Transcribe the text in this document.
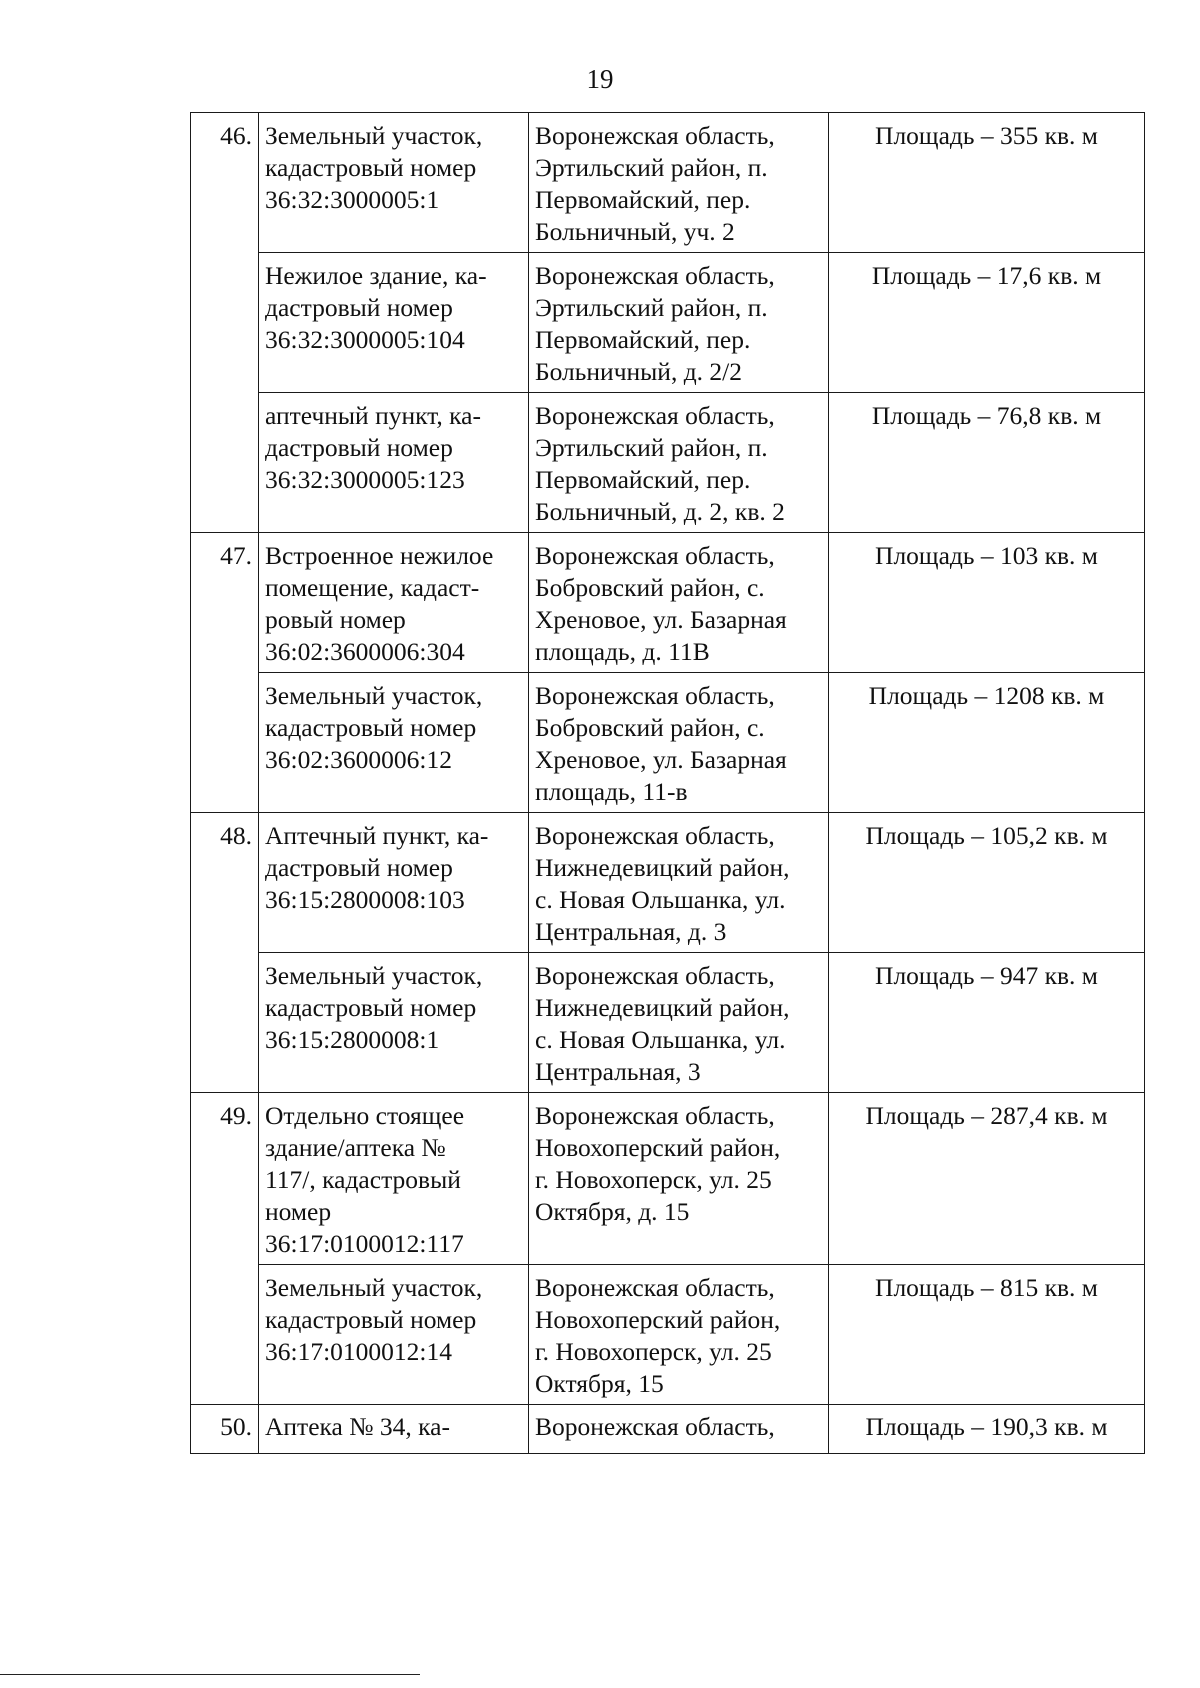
19
46.	Земельный участок,
кадастровый номер
36:32:3000005:1	Воронежская область,
Эртильский район, п.
Первомайский, пер.
Больничный, уч. 2	Площадь – 355 кв. м
	Нежилое здание, ка-
дастровый номер
36:32:3000005:104	Воронежская область,
Эртильский район, п.
Первомайский, пер.
Больничный, д. 2/2	Площадь – 17,6 кв. м
	аптечный пункт, ка-
дастровый номер
36:32:3000005:123	Воронежская область,
Эртильский район, п.
Первомайский, пер.
Больничный, д. 2, кв. 2	Площадь – 76,8 кв. м
47.	Встроенное нежилое
помещение, кадаст-
ровый номер
36:02:3600006:304	Воронежская область,
Бобровский район, с.
Хреновое, ул. Базарная
площадь, д. 11В	Площадь – 103 кв. м
	Земельный участок,
кадастровый номер
36:02:3600006:12	Воронежская область,
Бобровский район, с.
Хреновое, ул. Базарная
площадь, 11-в	Площадь – 1208 кв. м
48.	Аптечный пункт, ка-
дастровый номер
36:15:2800008:103	Воронежская область,
Нижнедевицкий район,
с. Новая Ольшанка, ул.
Центральная, д. 3	Площадь – 105,2 кв. м
	Земельный участок,
кадастровый номер
36:15:2800008:1	Воронежская область,
Нижнедевицкий район,
с. Новая Ольшанка, ул.
Центральная, 3	Площадь – 947 кв. м
49.	Отдельно стоящее
здание/аптека №
117/, кадастровый
номер
36:17:0100012:117	Воронежская область,
Новохоперский район,
г. Новохоперск, ул. 25
Октября, д. 15	Площадь – 287,4 кв. м
	Земельный участок,
кадастровый номер
36:17:0100012:14	Воронежская область,
Новохоперский район,
г. Новохоперск, ул. 25
Октября, 15	Площадь – 815 кв. м
50.	Аптека № 34, ка-	Воронежская область,	Площадь – 190,3 кв. м
